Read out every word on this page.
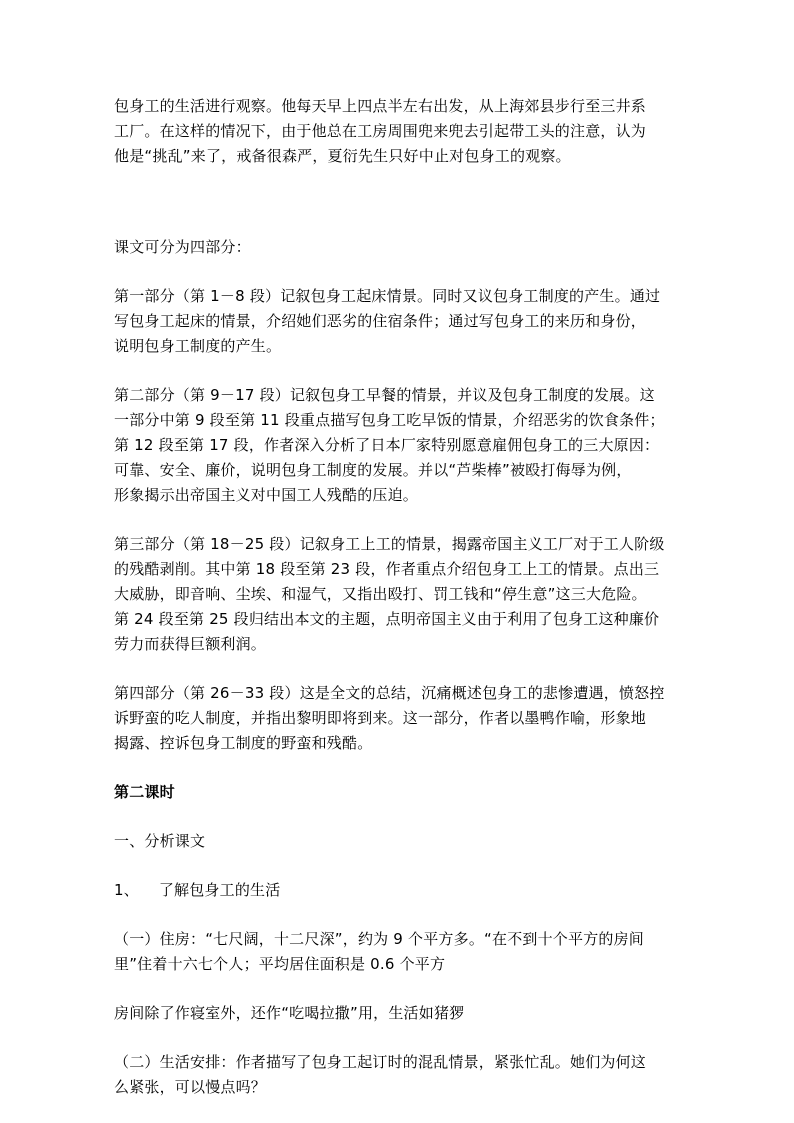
包身工的生活进行观察。他每天早上四点半左右出发，从上海郊县步行至三井系

工厂。在这样的情况下，由于他总在工房周围兜来兜去引起带工头的注意，认为

他是“挑乱”来了，戒备很森严，夏衍先生只好中止对包身工的观察。

课文可分为四部分：

第一部分（第 1－8 段）记叙包身工起床情景。同时又议包身工制度的产生。通过

写包身工起床的情景，介绍她们恶劣的住宿条件；通过写包身工的来历和身份，

说明包身工制度的产生。

第二部分（第 9－17 段）记叙包身工早餐的情景，并议及包身工制度的发展。这

一部分中第 9 段至第 11 段重点描写包身工吃早饭的情景，介绍恶劣的饮食条件；

第 12 段至第 17 段，作者深入分析了日本厂家特别愿意雇佣包身工的三大原因：

可靠、安全、廉价，说明包身工制度的发展。并以“芦柴棒”被殴打侮辱为例，

形象揭示出帝国主义对中国工人残酷的压迫。

第三部分（第 18－25 段）记叙身工上工的情景，揭露帝国主义工厂对于工人阶级

的残酷剥削。其中第 18 段至第 23 段，作者重点介绍包身工上工的情景。点出三

大威胁，即音响、尘埃、和湿气，又指出殴打、罚工钱和“停生意”这三大危险。

第 24 段至第 25 段归结出本文的主题，点明帝国主义由于利用了包身工这种廉价

劳力而获得巨额利润。

第四部分（第 26－33 段）这是全文的总结，沉痛概述包身工的悲惨遭遇，愤怒控

诉野蛮的吃人制度，并指出黎明即将到来。这一部分，作者以墨鸭作喻，形象地

揭露、控诉包身工制度的野蛮和残酷。

第二课时

一、分析课文

1、    了解包身工的生活

（一）住房：“七尺阔，十二尺深”，约为 9 个平方多。“在不到十个平方的房间

里”住着十六七个人；平均居住面积是 0.6 个平方

房间除了作寝室外，还作“吃喝拉撒”用，生活如猪猡

（二）生活安排：作者描写了包身工起订时的混乱情景，紧张忙乱。她们为何这

么紧张，可以慢点吗？
